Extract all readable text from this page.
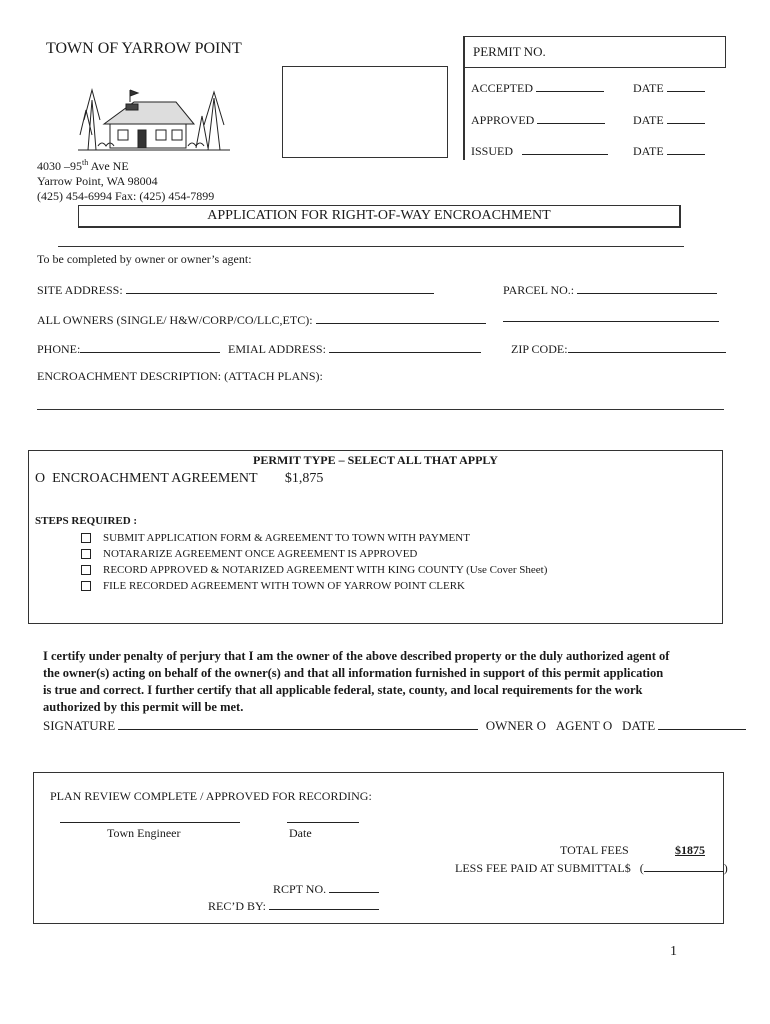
TOWN OF YARROW POINT
4030 –95th Ave NE
Yarrow Point, WA 98004
(425) 454-6994 Fax: (425) 454-7899
PERMIT NO.
ACCEPTED	DATE
APPROVED	DATE
ISSUED	DATE
APPLICATION FOR RIGHT-OF-WAY ENCROACHMENT
To be completed by owner or owner’s agent:
SITE ADDRESS:	PARCEL NO.:
ALL OWNERS (SINGLE/ H&W/CORP/CO/LLC,ETC):
PHONE:	EMIAL ADDRESS:	ZIP CODE:
ENCROACHMENT DESCRIPTION: (ATTACH PLANS):
PERMIT TYPE – SELECT ALL THAT APPLY
O ENCROACHMENT AGREEMENT $1,875
STEPS REQUIRED :
SUBMIT APPLICATION FORM & AGREEMENT TO TOWN WITH PAYMENT
NOTARARIZE AGREEMENT ONCE AGREEMENT IS APPROVED
RECORD APPROVED & NOTARIZED AGREEMENT WITH KING COUNTY (Use Cover Sheet)
FILE RECORDED AGREEMENT WITH TOWN OF YARROW POINT CLERK
I certify under penalty of perjury that I am the owner of the above described property or the duly authorized agent of
the owner(s) acting on behalf of the owner(s) and that all information furnished in support of this permit application
is true and correct. I further certify that all applicable federal, state, county, and local requirements for the work
authorized by this permit will be met.
SIGNATURE	OWNER O AGENT O DATE
PLAN REVIEW COMPLETE / APPROVED FOR RECORDING:
Town Engineer	Date
TOTAL FEES	$1875
LESS FEE PAID AT SUBMITTAL$ (	)
RCPT NO.
REC’D BY:
1
